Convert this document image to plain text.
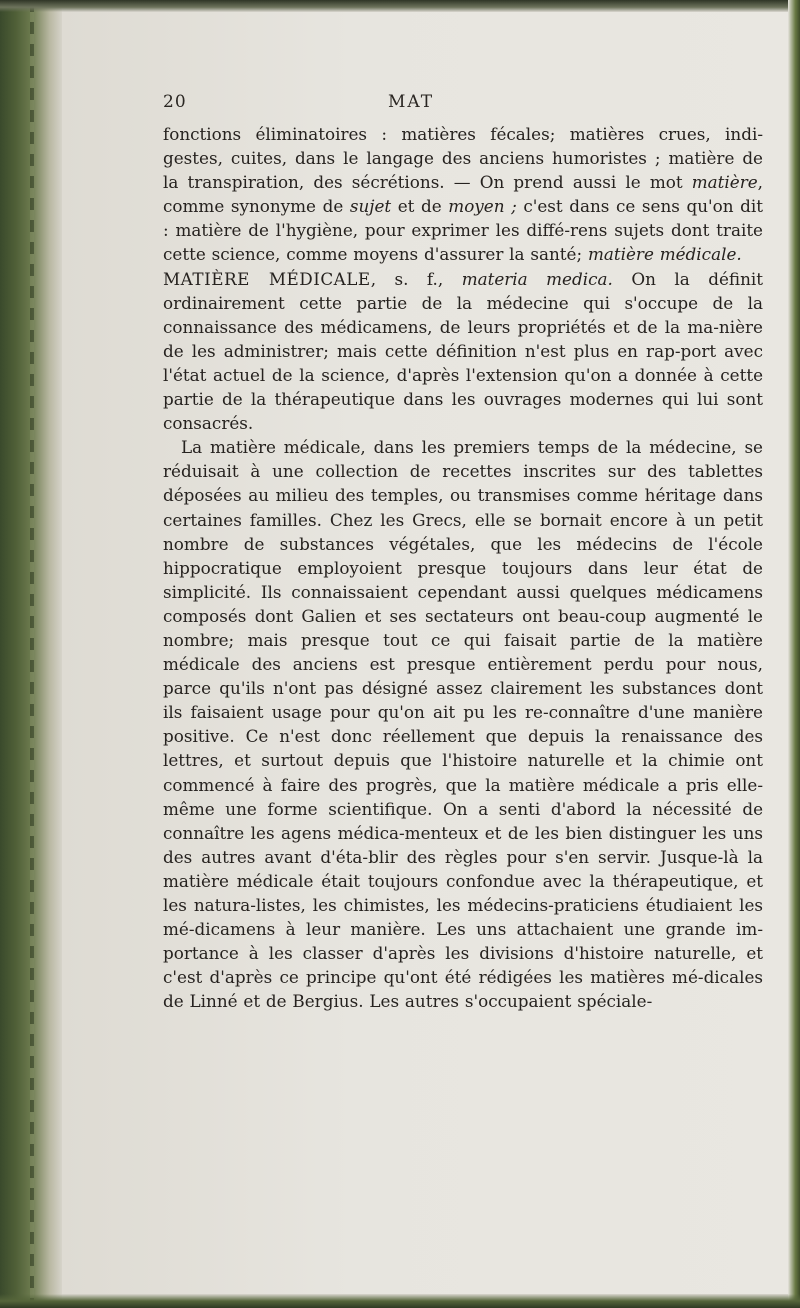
20	MAT

fonctions éliminatoires : matières fécales; matières crues, indi-gestes, cuites, dans le langage des anciens humoristes ; matière de la transpiration, des sécrétions. — On prend aussi le mot matière, comme synonyme de sujet et de moyen ; c'est dans ce sens qu'on dit : matière de l'hygiène, pour exprimer les diffé-rens sujets dont traite cette science, comme moyens d'assurer la santé; matière médicale.

MATIÈRE MÉDICALE, s. f., materia medica. On la définit ordinairement cette partie de la médecine qui s'occupe de la connaissance des médicamens, de leurs propriétés et de la ma-nière de les administrer; mais cette définition n'est plus en rap-port avec l'état actuel de la science, d'après l'extension qu'on a donnée à cette partie de la thérapeutique dans les ouvrages modernes qui lui sont consacrés.

La matière médicale, dans les premiers temps de la médecine, se réduisait à une collection de recettes inscrites sur des tablettes déposées au milieu des temples, ou transmises comme héritage dans certaines familles. Chez les Grecs, elle se bornait encore à un petit nombre de substances végétales, que les médecins de l'école hippocratique employoient presque toujours dans leur état de simplicité. Ils connaissaient cependant aussi quelques médicamens composés dont Galien et ses sectateurs ont beau-coup augmenté le nombre; mais presque tout ce qui faisait partie de la matière médicale des anciens est presque entièrement perdu pour nous, parce qu'ils n'ont pas désigné assez clairement les substances dont ils faisaient usage pour qu'on ait pu les re-connaître d'une manière positive. Ce n'est donc réellement que depuis la renaissance des lettres, et surtout depuis que l'histoire naturelle et la chimie ont commencé à faire des progrès, que la matière médicale a pris elle-même une forme scientifique. On a senti d'abord la nécessité de connaître les agens médica-menteux et de les bien distinguer les uns des autres avant d'éta-blir des règles pour s'en servir. Jusque-là la matière médicale était toujours confondue avec la thérapeutique, et les natura-listes, les chimistes, les médecins-praticiens étudiaient les mé-dicamens à leur manière. Les uns attachaient une grande im-portance à les classer d'après les divisions d'histoire naturelle, et c'est d'après ce principe qu'ont été rédigées les matières mé-dicales de Linné et de Bergius. Les autres s'occupaient spéciale-
